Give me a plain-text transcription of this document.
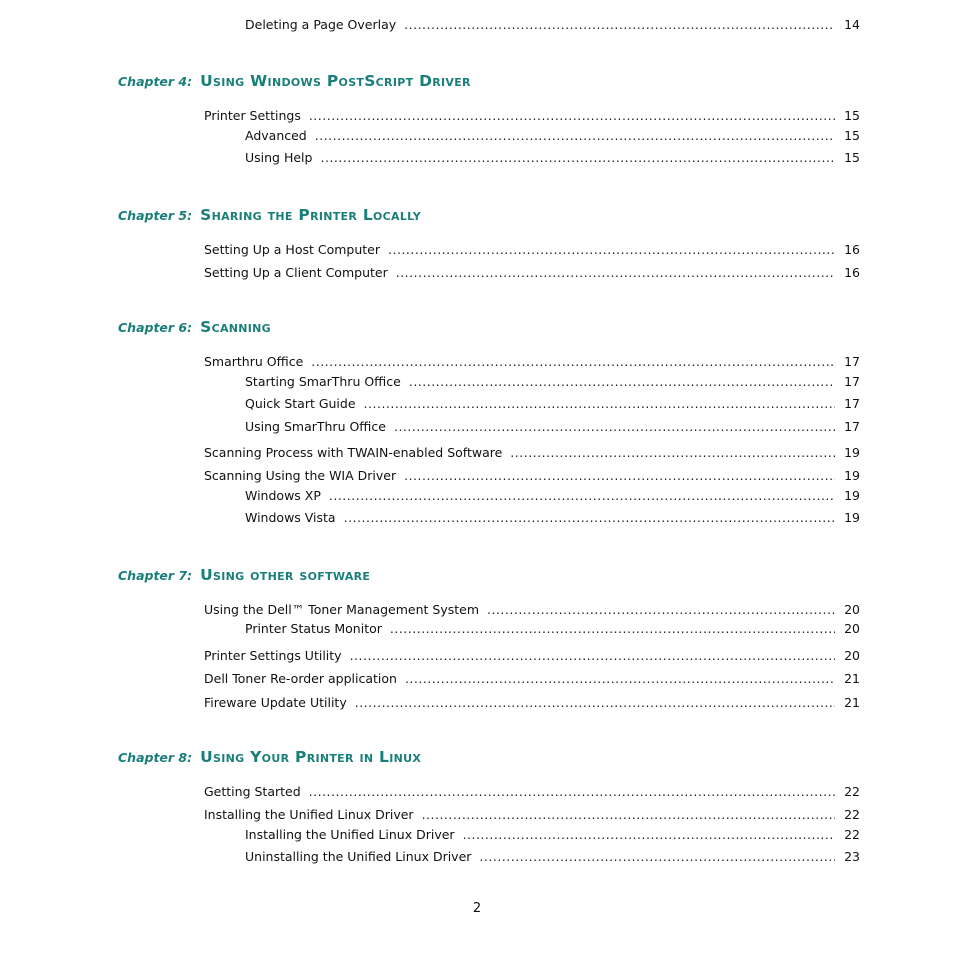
Deleting a Page Overlay .....	14
Chapter 4: Using Windows PostScript Driver
Printer Settings .....	15
Advanced .....	15
Using Help .....	15
Chapter 5: Sharing the Printer Locally
Setting Up a Host Computer .....	16
Setting Up a Client Computer .....	16
Chapter 6: Scanning
Smarthru Office .....	17
Starting SmarThru Office .....	17
Quick Start Guide .....	17
Using SmarThru Office .....	17
Scanning Process with TWAIN-enabled Software .....	19
Scanning Using the WIA Driver .....	19
Windows XP .....	19
Windows Vista .....	19
Chapter 7: Using other software
Using the Dell™ Toner Management System .....	20
Printer Status Monitor .....	20
Printer Settings Utility .....	20
Dell Toner Re-order application .....	21
Fireware Update Utility .....	21
Chapter 8: Using Your Printer in Linux
Getting Started .....	22
Installing the Unified Linux Driver .....	22
Installing the Unified Linux Driver .....	22
Uninstalling the Unified Linux Driver .....	23
2
